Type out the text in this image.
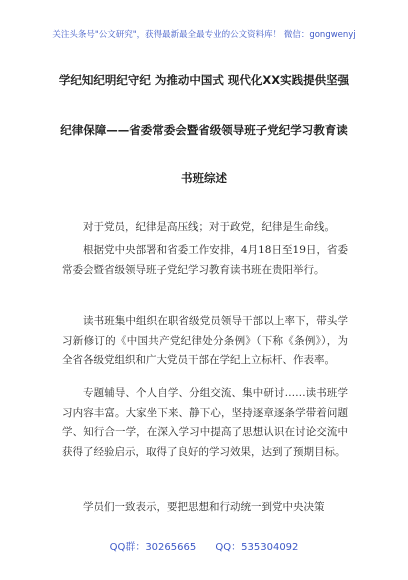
关注头条号"公文研究"，获得最新最全最专业的公文资料库！ 微信：gongwenyj
学纪知纪明纪守纪 为推动中国式 现代化XX实践提供坚强
纪律保障——省委常委会暨省级领导班子党纪学习教育读
书班综述

对于党员，纪律是高压线；对于政党，纪律是生命线。

根据党中央部署和省委工作安排，4月18日至19日，省委常委会暨省级领导班子党纪学习教育读书班在贵阳举行。

读书班集中组织在职省级党员领导干部以上率下，带头学习新修订的《中国共产党纪律处分条例》（下称《条例》），为全省各级党组织和广大党员干部在学纪上立标杆、作表率。

专题辅导、个人自学、分组交流、集中研讨……读书班学习内容丰富。大家坐下来、静下心，坚持逐章逐条学带着问题学、知行合一学，在深入学习中提高了思想认识在讨论交流中获得了经验启示，取得了良好的学习效果，达到了预期目标。

学员们一致表示，要把思想和行动统一到党中央决策

QQ群：30265665 QQ：535304092
